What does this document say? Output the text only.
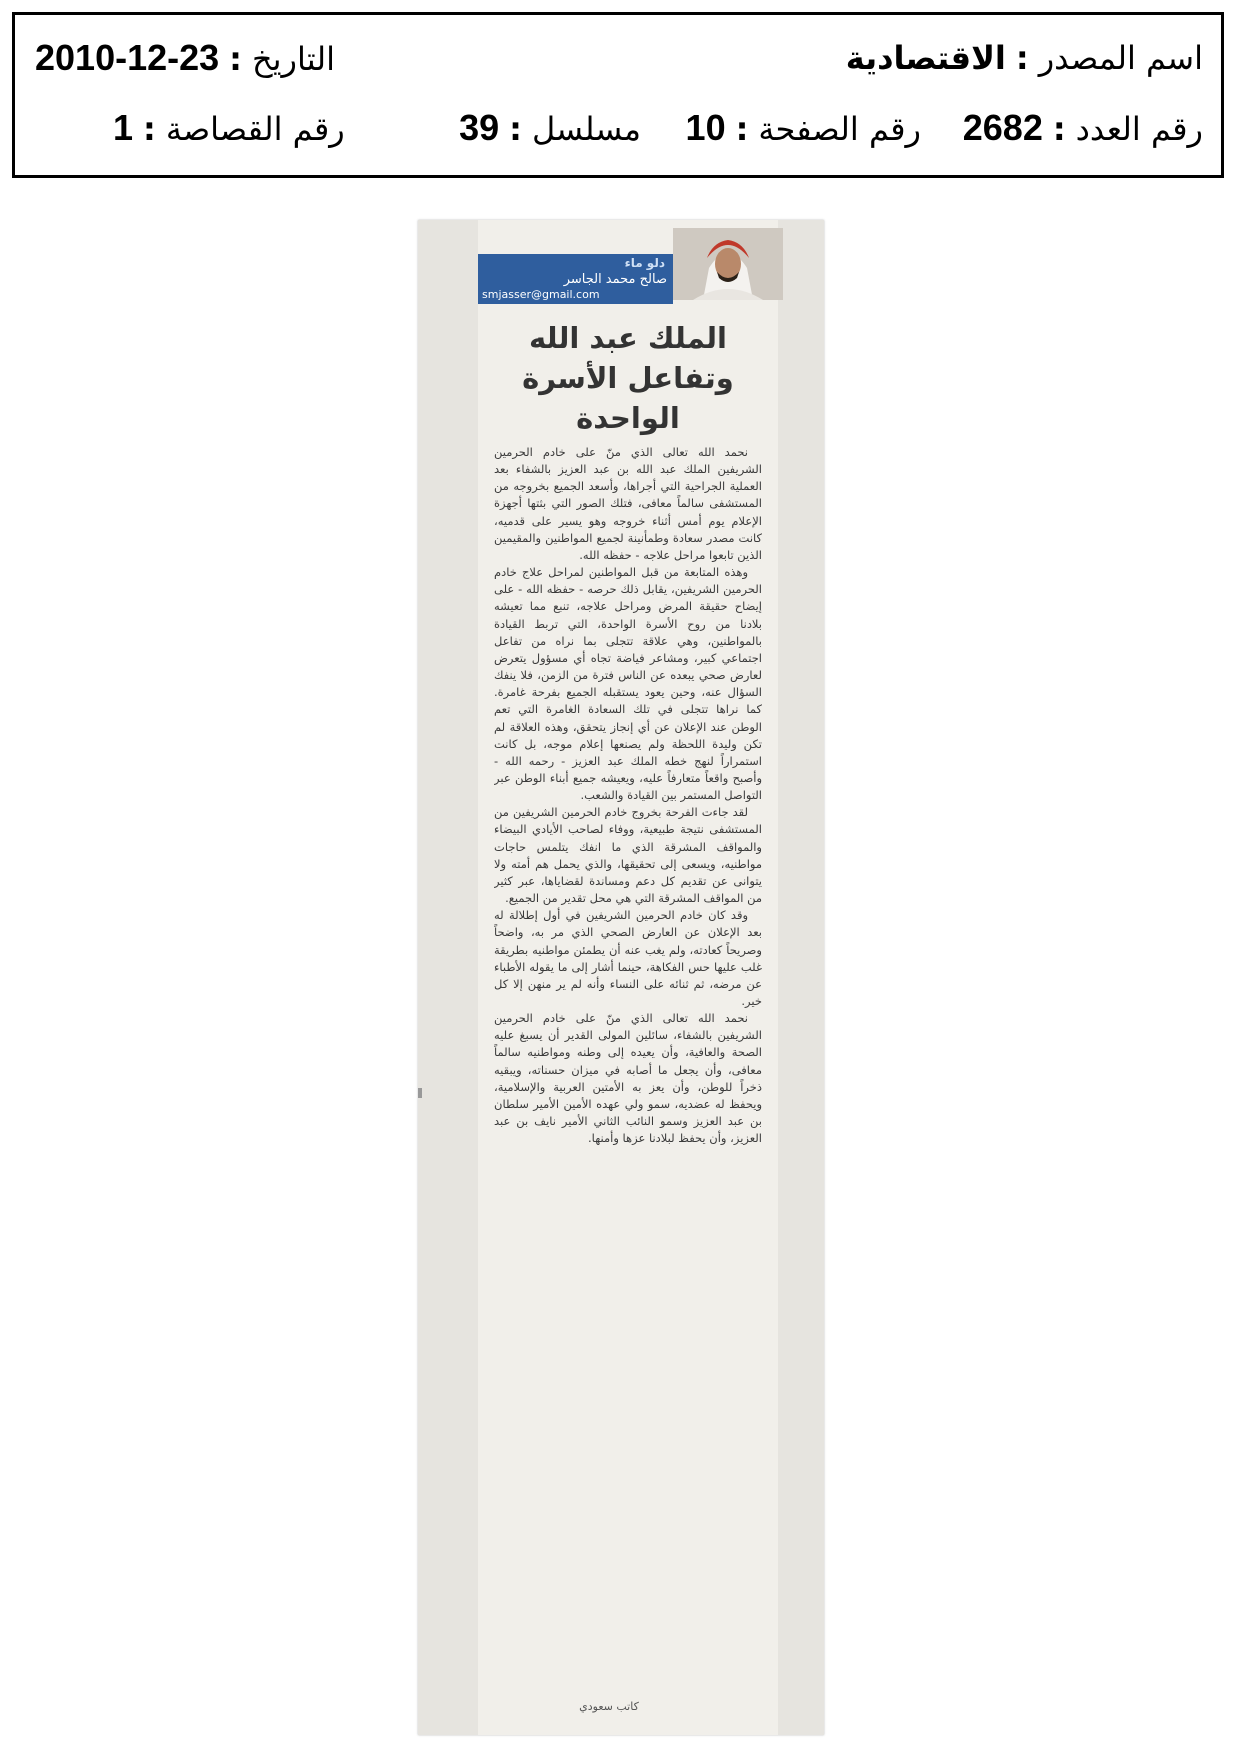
اسم المصدر:الاقتصادية
التاريخ:2010-12-23
رقم العدد:2682
رقم الصفحة:10
مسلسل:39
رقم القصاصة:1
دلو ماء
صالح محمد الجاسر
smjasser@gmail.com
الملك عبد الله وتفاعل الأسرة الواحدة

نحمد الله تعالى الذي منّ على خادم الحرمين الشريفين الملك عبد الله بن عبد العزيز بالشفاء بعد العملية الجراحية التي أجراها، وأسعد الجميع بخروجه من المستشفى سالماً معافى، فتلك الصور التي بثتها أجهزة الإعلام يوم أمس أثناء خروجه وهو يسير على قدميه، كانت مصدر سعادة وطمأنينة لجميع المواطنين والمقيمين الذين تابعوا مراحل علاجه - حفظه الله.

وهذه المتابعة من قبل المواطنين لمراحل علاج خادم الحرمين الشريفين، يقابل ذلك حرصه - حفظه الله - على إيضاح حقيقة المرض ومراحل علاجه، تنبع مما تعيشه بلادنا من روح الأسرة الواحدة، التي تربط القيادة بالمواطنين، وهي علاقة تتجلى بما نراه من تفاعل اجتماعي كبير، ومشاعر فياضة تجاه أي مسؤول يتعرض لعارض صحي يبعده عن الناس فترة من الزمن، فلا ينفك السؤال عنه، وحين يعود يستقبله الجميع بفرحة غامرة. كما نراها تتجلى في تلك السعادة الغامرة التي تعم الوطن عند الإعلان عن أي إنجاز يتحقق، وهذه العلاقة لم تكن وليدة اللحظة ولم يصنعها إعلام موجه، بل كانت استمراراً لنهج خطه الملك عبد العزيز - رحمه الله - وأصبح واقعاً متعارفاً عليه، ويعيشه جميع أبناء الوطن عبر التواصل المستمر بين القيادة والشعب.

لقد جاءت الفرحة بخروج خادم الحرمين الشريفين من المستشفى نتيجة طبيعية، ووفاء لصاحب الأيادي البيضاء والمواقف المشرقة الذي ما انفك يتلمس حاجات مواطنيه، ويسعى إلى تحقيقها، والذي يحمل هم أمته ولا يتوانى عن تقديم كل دعم ومساندة لقضاياها، عبر كثير من المواقف المشرقة التي هي محل تقدير من الجميع.

وقد كان خادم الحرمين الشريفين في أول إطلالة له بعد الإعلان عن العارض الصحي الذي مر به، واضحاً وصريحاً كعادته، ولم يغب عنه أن يطمئن مواطنيه بطريقة غلب عليها حس الفكاهة، حينما أشار إلى ما يقوله الأطباء عن مرضه، ثم ثنائه على النساء وأنه لم ير منهن إلا كل خير.

نحمد الله تعالى الذي منّ على خادم الحرمين الشريفين بالشفاء، سائلين المولى القدير أن يسبغ عليه الصحة والعافية، وأن يعيده إلى وطنه ومواطنيه سالماً معافى، وأن يجعل ما أصابه في ميزان حسناته، ويبقيه ذخراً للوطن، وأن يعز به الأمتين العربية والإسلامية، ويحفظ له عضديه، سمو ولي عهده الأمين الأمير سلطان بن عبد العزيز وسمو النائب الثاني الأمير نايف بن عبد العزيز، وأن يحفظ لبلادنا عزها وأمنها.

كاتب سعودي
